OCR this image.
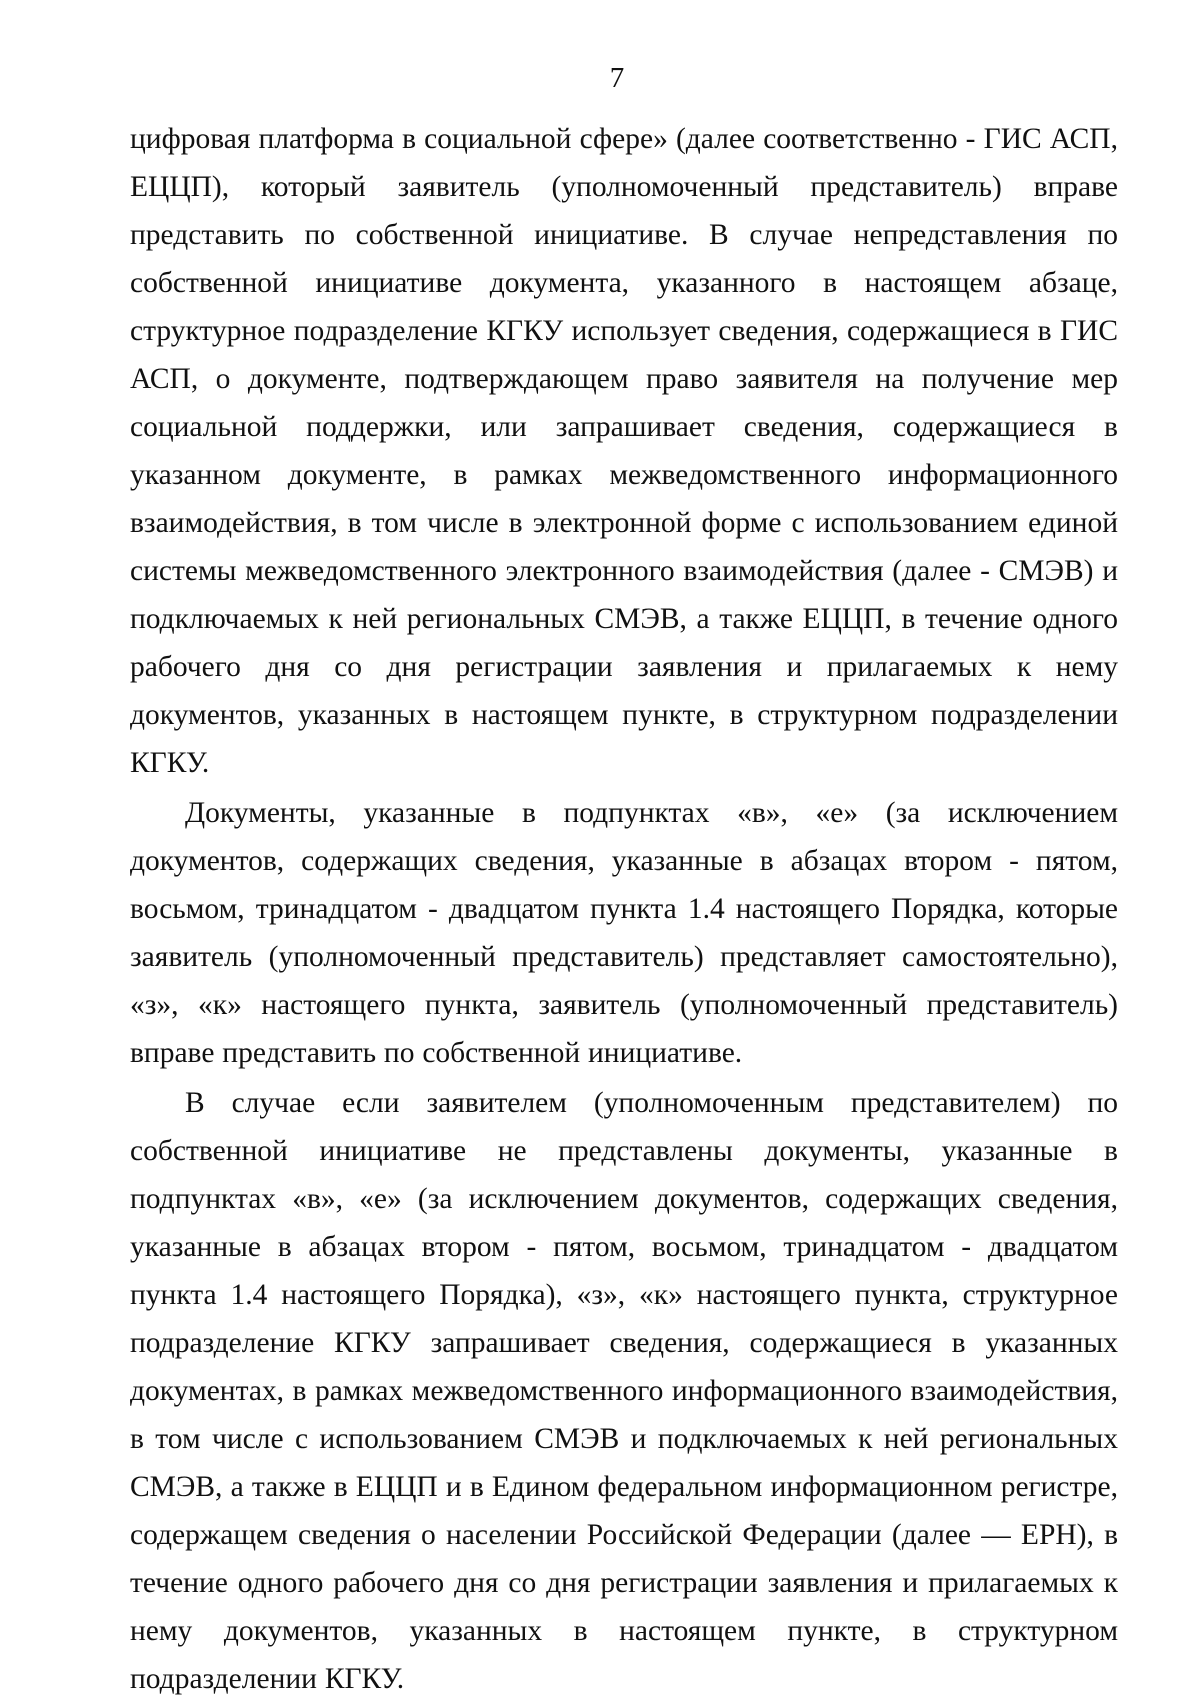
7

цифровая платформа в социальной сфере» (далее соответственно - ГИС АСП, ЕЦЦП), который заявитель (уполномоченный представитель) вправе представить по собственной инициативе. В случае непредставления по собственной инициативе документа, указанного в настоящем абзаце, структурное подразделение КГКУ использует сведения, содержащиеся в ГИС АСП, о документе, подтверждающем право заявителя на получение мер социальной поддержки, или запрашивает сведения, содержащиеся в указанном документе, в рамках межведомственного информационного взаимодействия, в том числе в электронной форме с использованием единой системы межведомственного электронного взаимодействия (далее - СМЭВ) и подключаемых к ней региональных СМЭВ, а также ЕЦЦП, в течение одного рабочего дня со дня регистрации заявления и прилагаемых к нему документов, указанных в настоящем пункте, в структурном подразделении КГКУ.

Документы, указанные в подпунктах «в», «е» (за исключением документов, содержащих сведения, указанные в абзацах втором - пятом, восьмом, тринадцатом - двадцатом пункта 1.4 настоящего Порядка, которые заявитель (уполномоченный представитель) представляет самостоятельно), «з», «к» настоящего пункта, заявитель (уполномоченный представитель) вправе представить по собственной инициативе.

В случае если заявителем (уполномоченным представителем) по собственной инициативе не представлены документы, указанные в подпунктах «в», «е» (за исключением документов, содержащих сведения, указанные в абзацах втором - пятом, восьмом, тринадцатом - двадцатом пункта 1.4 настоящего Порядка), «з», «к» настоящего пункта, структурное подразделение КГКУ запрашивает сведения, содержащиеся в указанных документах, в рамках межведомственного информационного взаимодействия, в том числе с использованием СМЭВ и подключаемых к ней региональных СМЭВ, а также в ЕЦЦП и в Едином федеральном информационном регистре, содержащем сведения о населении Российской Федерации (далее — ЕРН), в течение одного рабочего дня со дня регистрации заявления и прилагаемых к нему документов, указанных в настоящем пункте, в структурном подразделении КГКУ.
